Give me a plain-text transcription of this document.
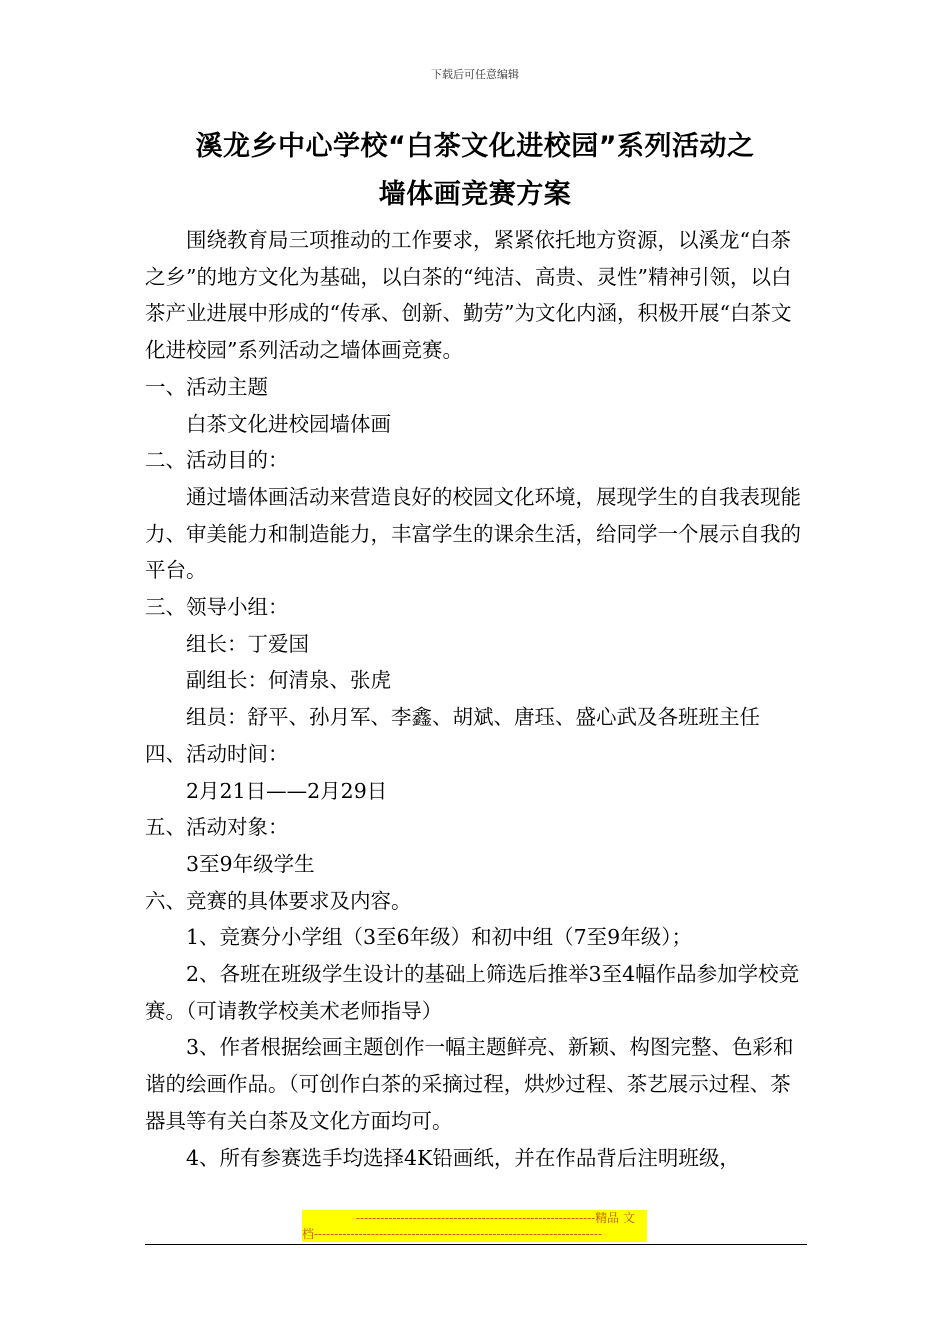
下载后可任意编辑
溪龙乡中心学校“白茶文化进校园”系列活动之
墙体画竞赛方案

围绕教育局三项推动的工作要求，紧紧依托地方资源，以溪龙“白茶之乡”的地方文化为基础，以白茶的“纯洁、高贵、灵性”精神引领，以白茶产业进展中形成的“传承、创新、勤劳”为文化内涵，积极开展“白茶文化进校园”系列活动之墙体画竞赛。

一、活动主题

白茶文化进校园墙体画

二、活动目的：

通过墙体画活动来营造良好的校园文化环境，展现学生的自我表现能力、审美能力和制造能力，丰富学生的课余生活，给同学一个展示自我的平台。

三、领导小组：

组长：丁爱国

副组长：何清泉、张虎

组员：舒平、孙月军、李鑫、胡斌、唐珏、盛心武及各班班主任

四、活动时间：

2月21日——2月29日

五、活动对象：

3至9年级学生

六、竞赛的具体要求及内容。

1、竞赛分小学组（3至6年级）和初中组（7至9年级）；

2、各班在班级学生设计的基础上筛选后推举3至4幅作品参加学校竞赛。（可请教学校美术老师指导）

3、作者根据绘画主题创作一幅主题鲜亮、新颖、构图完整、色彩和谐的绘画作品。（可创作白茶的采摘过程，烘炒过程、茶艺展示过程、茶器具等有关白茶及文化方面均可。

4、所有参赛选手均选择4K铅画纸，并在作品背后注明班级，

-----------------------------------------------------------精品 文
档-----------------------------------------------------------------------
